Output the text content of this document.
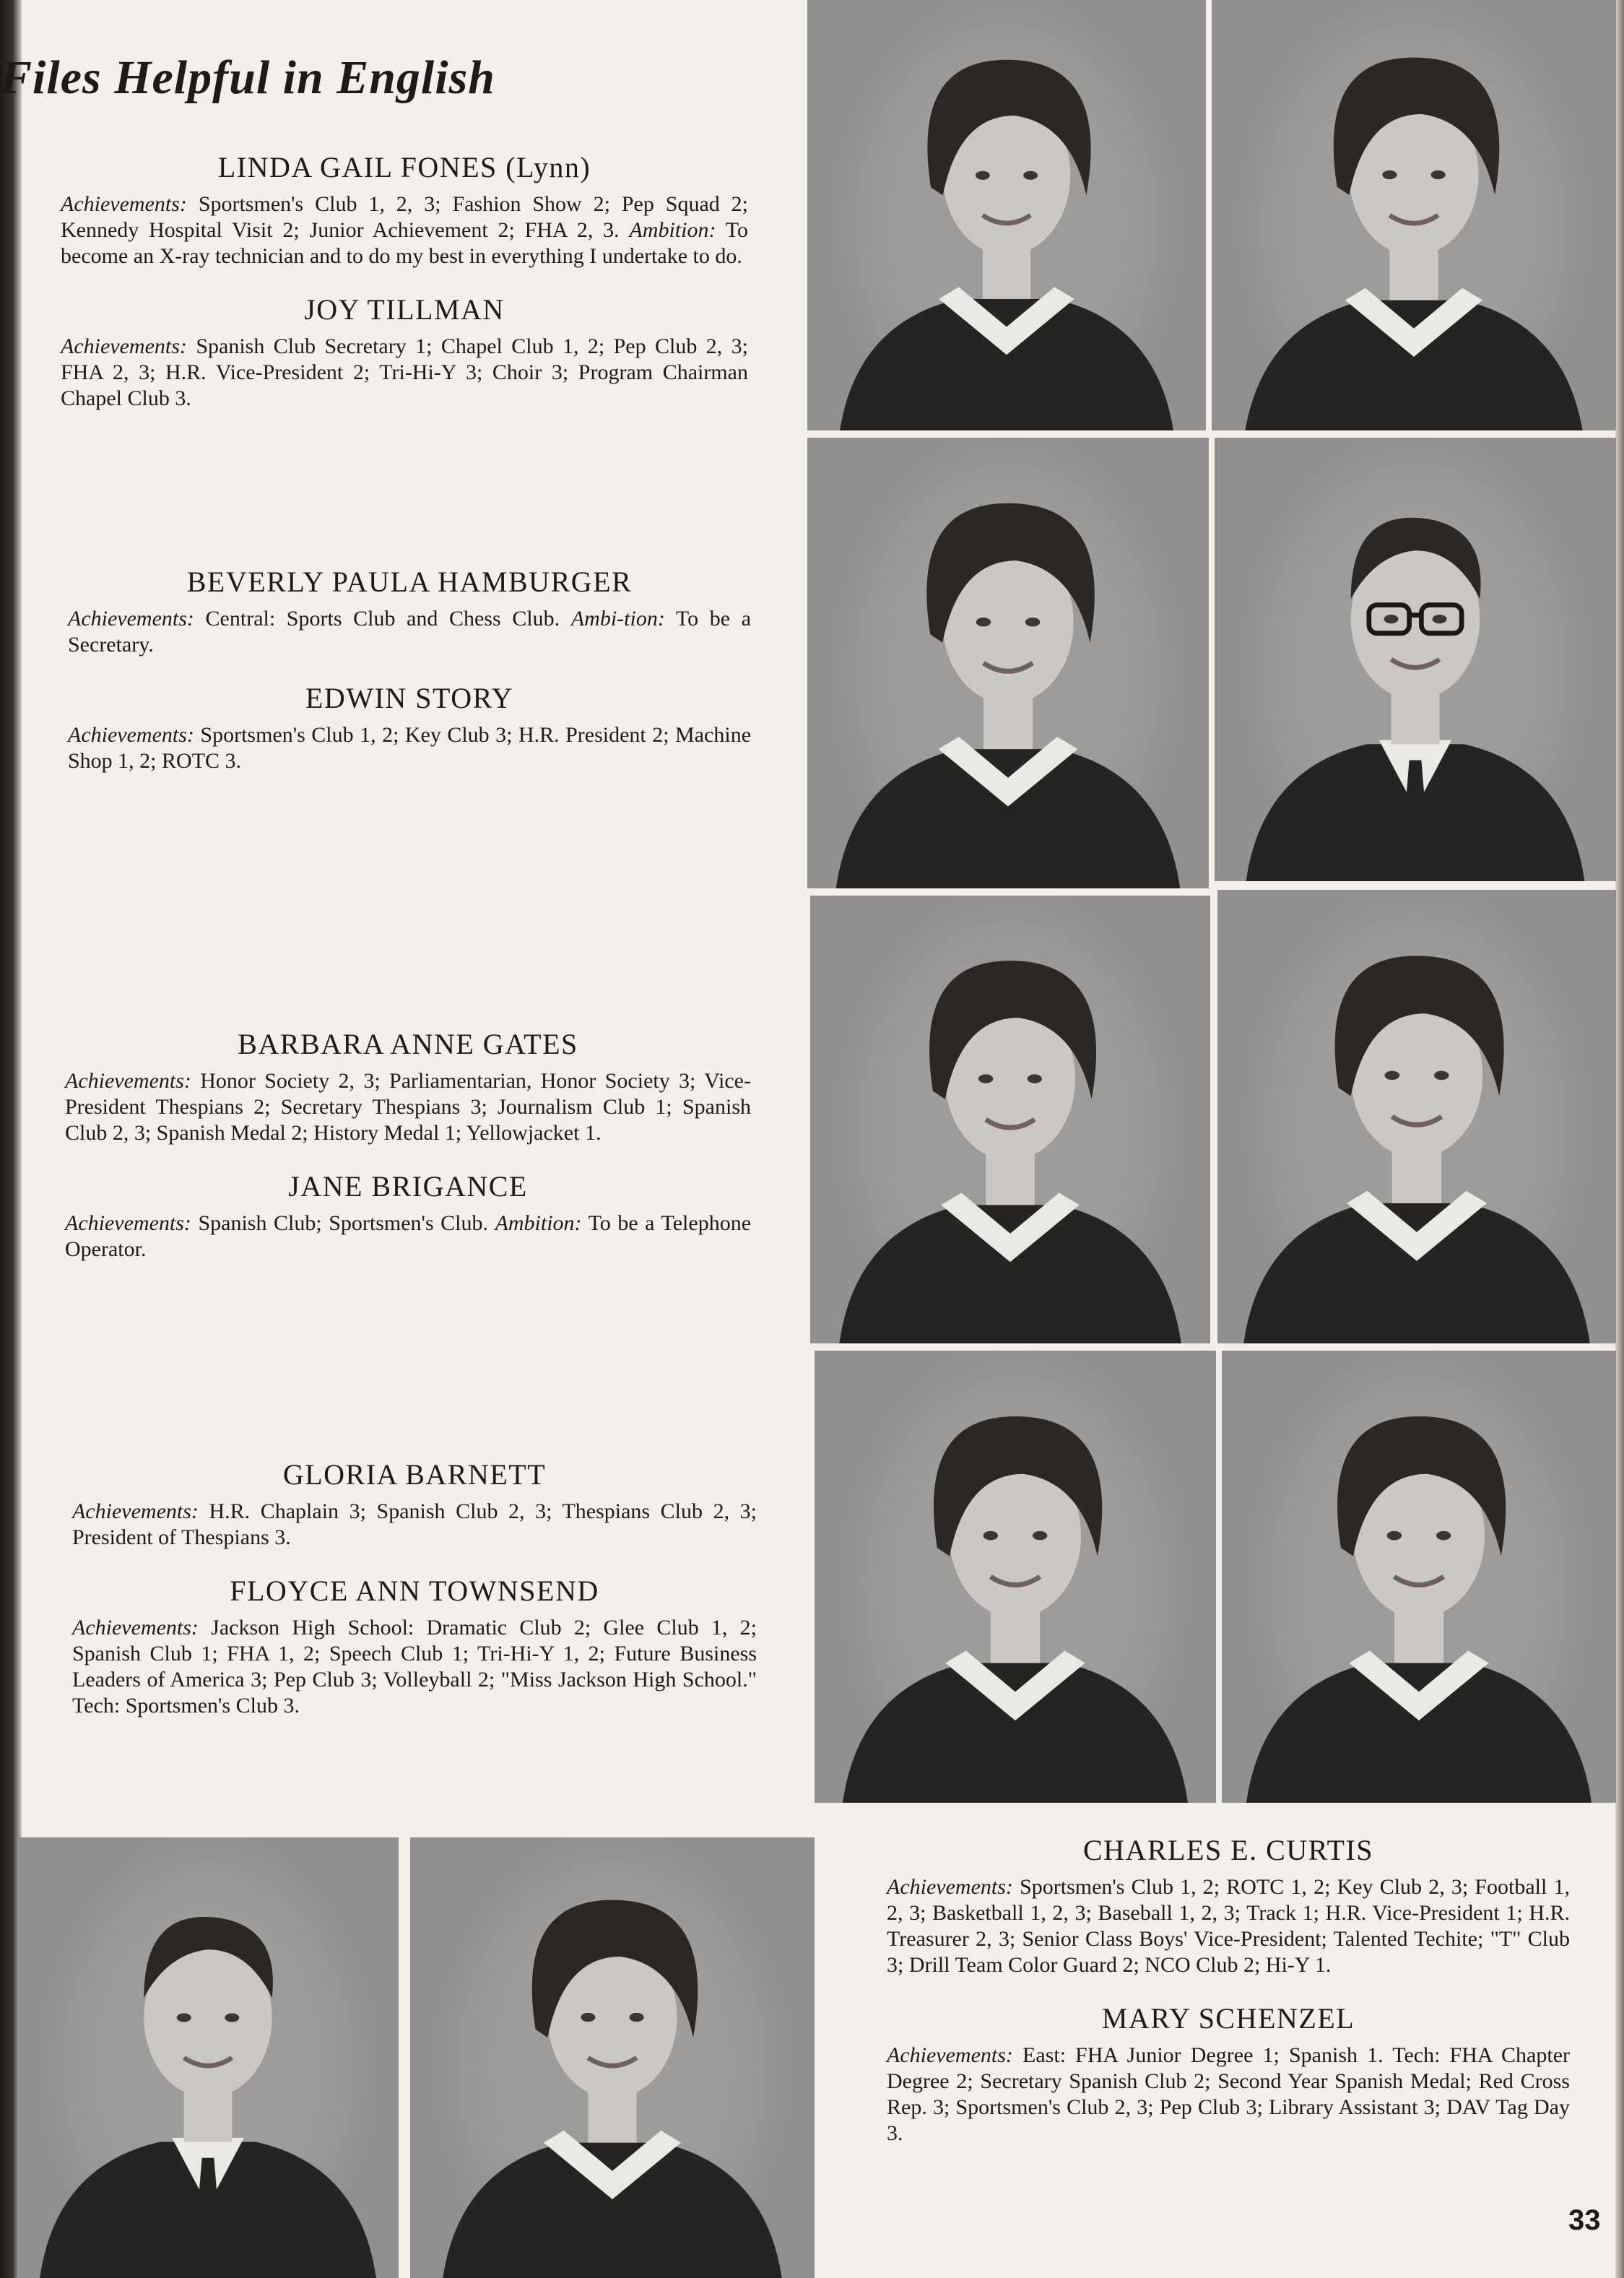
Files Helpful in English
LINDA GAIL FONES (Lynn)

Achievements: Sportsmen's Club 1, 2, 3; Fashion Show 2; Pep Squad 2; Kennedy Hospital Visit 2; Junior Achievement 2; FHA 2, 3. Ambition: To become an X-ray technician and to do my best in everything I undertake to do.

JOY TILLMAN

Achievements: Spanish Club Secretary 1; Chapel Club 1, 2; Pep Club 2, 3; FHA 2, 3; H.R. Vice-President 2; Tri-Hi-Y 3; Choir 3; Program Chairman Chapel Club 3.

BEVERLY PAULA HAMBURGER

Achievements: Central: Sports Club and Chess Club. Ambi-tion: To be a Secretary.

EDWIN STORY

Achievements: Sportsmen's Club 1, 2; Key Club 3; H.R. President 2; Machine Shop 1, 2; ROTC 3.

BARBARA ANNE GATES

Achievements: Honor Society 2, 3; Parliamentarian, Honor Society 3; Vice-President Thespians 2; Secretary Thespians 3; Journalism Club 1; Spanish Club 2, 3; Spanish Medal 2; History Medal 1; Yellowjacket 1.

JANE BRIGANCE

Achievements: Spanish Club; Sportsmen's Club. Ambition: To be a Telephone Operator.

GLORIA BARNETT

Achievements: H.R. Chaplain 3; Spanish Club 2, 3; Thespians Club 2, 3; President of Thespians 3.

FLOYCE ANN TOWNSEND

Achievements: Jackson High School: Dramatic Club 2; Glee Club 1, 2; Spanish Club 1; FHA 1, 2; Speech Club 1; Tri-Hi-Y 1, 2; Future Business Leaders of America 3; Pep Club 3; Volleyball 2; "Miss Jackson High School." Tech: Sportsmen's Club 3.

CHARLES E. CURTIS

Achievements: Sportsmen's Club 1, 2; ROTC 1, 2; Key Club 2, 3; Football 1, 2, 3; Basketball 1, 2, 3; Baseball 1, 2, 3; Track 1; H.R. Vice-President 1; H.R. Treasurer 2, 3; Senior Class Boys' Vice-President; Talented Techite; "T" Club 3; Drill Team Color Guard 2; NCO Club 2; Hi-Y 1.

MARY SCHENZEL

Achievements: East: FHA Junior Degree 1; Spanish 1. Tech: FHA Chapter Degree 2; Secretary Spanish Club 2; Second Year Spanish Medal; Red Cross Rep. 3; Sportsmen's Club 2, 3; Pep Club 3; Library Assistant 3; DAV Tag Day 3.

33
